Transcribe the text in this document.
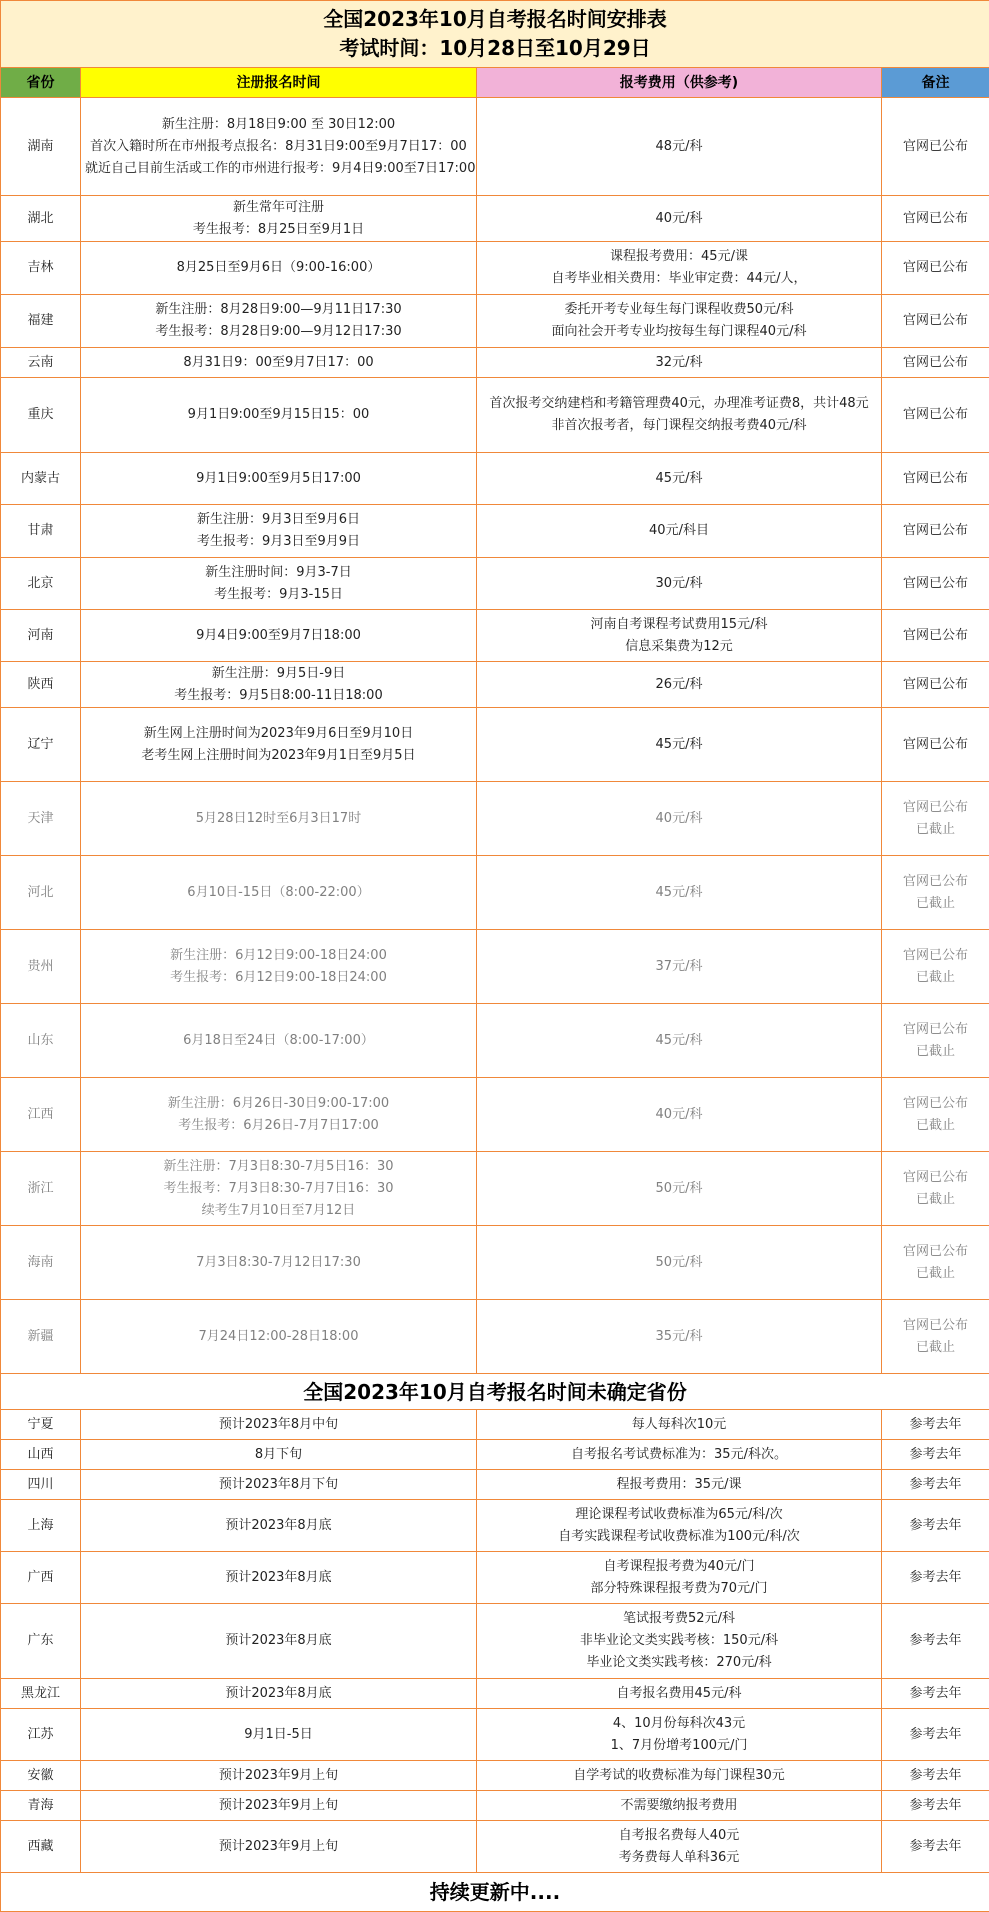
全国2023年10月自考报名时间安排表
考试时间：10月28日至10月29日			

省份	注册报名时间	报考费用（供参考)	备注
湖南	新生注册：8月18日9:00 至 30日12:00
首次入籍时所在市州报考点报名：8月31日9:00至9月7日17：00
就近自己目前生活或工作的市州进行报考：9月4日9:00至7日17:00	48元/科	官网已公布

湖北	新生常年可注册
考生报考：8月25日至9月1日	40元/科	官网已公布

吉林	8月25日至9月6日（9:00-16:00）	课程报考费用：45元/课
自考毕业相关费用：毕业审定费：44元/人，	官网已公布

福建	新生注册：8月28日9:00—9月11日17:30
考生报考：8月28日9:00—9月12日17:30	委托开考专业每生每门课程收费50元/科
面向社会开考专业均按每生每门课程40元/科	官网已公布

云南	8月31日9：00至9月7日17：00	32元/科	官网已公布

重庆	9月1日9:00至9月15日15：00	首次报考交纳建档和考籍管理费40元，办理准考证费8，共计48元
非首次报考者，每门课程交纳报考费40元/科	官网已公布

内蒙古	9月1日9:00至9月5日17:00	45元/科	官网已公布

甘肃	新生注册：9月3日至9月6日
考生报考：9月3日至9月9日	40元/科目	官网已公布

北京	新生注册时间：9月3-7日
考生报考：9月3-15日	30元/科	官网已公布

河南	9月4日9:00至9月7日18:00	河南自考课程考试费用15元/科
信息采集费为12元	官网已公布

陕西	新生注册：9月5日-9日
考生报考：9月5日8:00-11日18:00	26元/科	官网已公布

辽宁	新生网上注册时间为2023年9月6日至9月10日
老考生网上注册时间为2023年9月1日至9月5日	45元/科	官网已公布

天津	5月28日12时至6月3日17时	40元/科	官网已公布
已截止

河北	6月10日-15日（8:00-22:00）	45元/科	官网已公布
已截止

贵州	新生注册：6月12日9:00-18日24:00
考生报考：6月12日9:00-18日24:00	37元/科	官网已公布
已截止

山东	6月18日至24日（8:00-17:00）	45元/科	官网已公布
已截止

江西	新生注册：6月26日-30日9:00-17:00
考生报考：6月26日-7月7日17:00	40元/科	官网已公布
已截止

浙江	新生注册：7月3日8:30-7月5日16：30
考生报考：7月3日8:30-7月7日16：30
续考生7月10日至7月12日	50元/科	官网已公布
已截止

海南	7月3日8:30-7月12日17:30	50元/科	官网已公布
已截止

新疆	7月24日12:00-28日18:00	35元/科	官网已公布
已截止

全国2023年10月自考报名时间未确定省份			
宁夏	预计2023年8月中旬	每人每科次10元	参考去年

山西	8月下旬	自考报名考试费标准为：35元/科次。	参考去年

四川	预计2023年8月下旬	程报考费用：35元/课	参考去年

上海	预计2023年8月底	理论课程考试收费标准为65元/科/次
自考实践课程考试收费标准为100元/科/次	参考去年

广西	预计2023年8月底	自考课程报考费为40元/门
部分特殊课程报考费为70元/门	参考去年

广东	预计2023年8月底	笔试报考费52元/科
非毕业论文类实践考核：150元/科
毕业论文类实践考核：270元/科	参考去年

黑龙江	预计2023年8月底	自考报名费用45元/科	参考去年

江苏	9月1日-5日	4、10月份每科次43元
1、7月份增考100元/门	参考去年

安徽	预计2023年9月上旬	自学考试的收费标准为每门课程30元	参考去年

青海	预计2023年9月上旬	不需要缴纳报考费用	参考去年

西藏	预计2023年9月上旬	自考报名费每人40元
考务费每人单科36元	参考去年

持续更新中....			
